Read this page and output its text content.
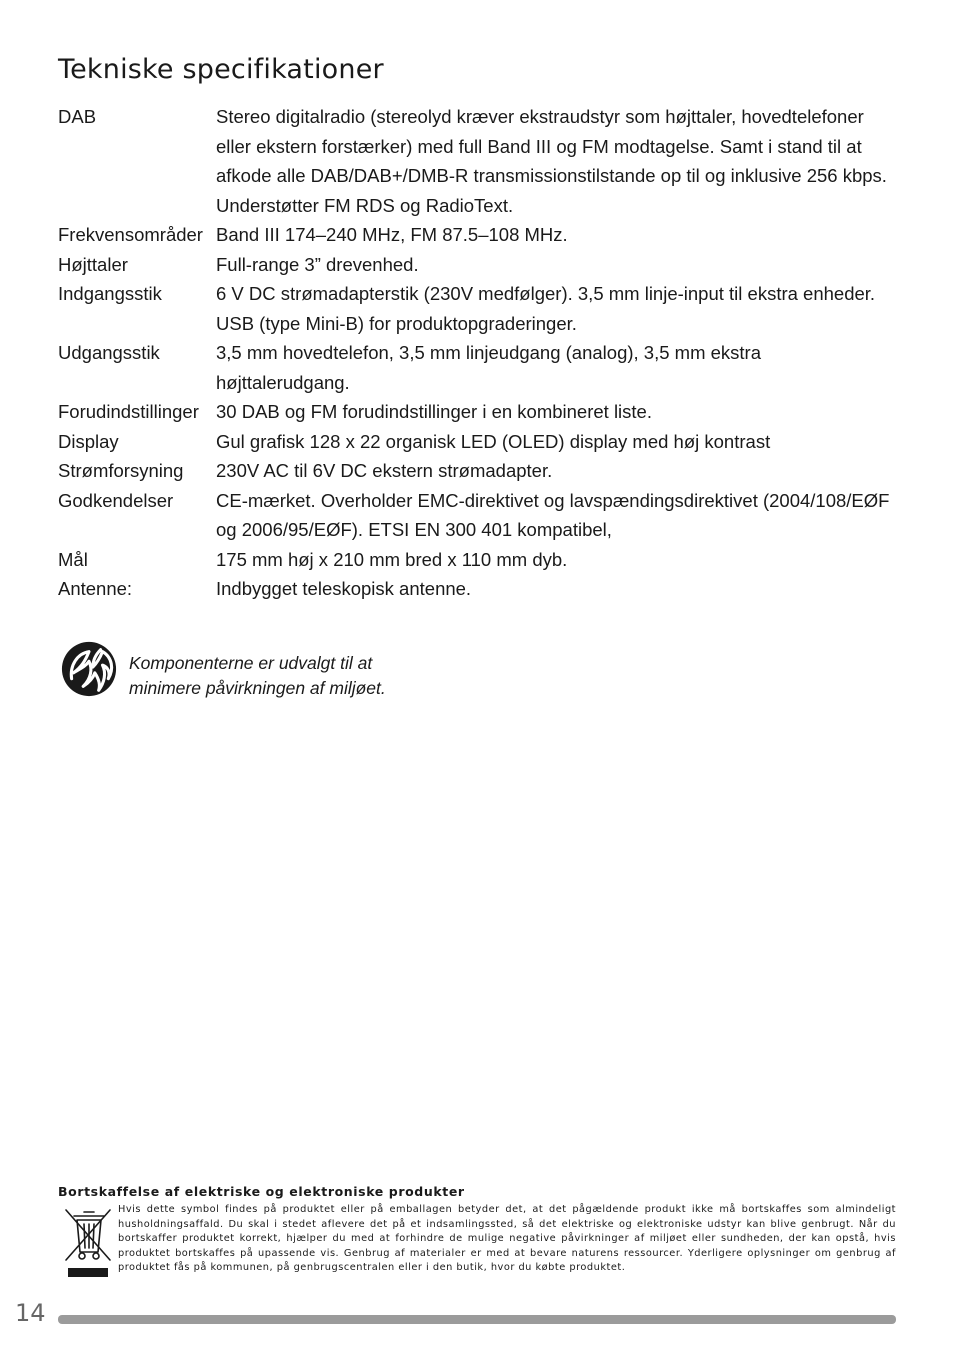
Tekniske specifikationer
DAB	Stereo digitalradio (stereolyd kræver ekstraudstyr som højttaler, hovedtelefoner eller ekstern forstærker) med full Band III og FM modtagelse. Samt i stand til at afkode alle DAB/DAB+/DMB-R transmissionstilstande op til og inklusive 256 kbps. Understøtter FM RDS og RadioText.
Frekvensområder	Band III 174–240 MHz, FM 87.5–108 MHz.
Højttaler	Full-range 3” drevenhed.
Indgangsstik	6 V DC strømadapterstik (230V medfølger). 3,5 mm linje-input til ekstra enheder. USB (type Mini-B) for produktopgraderinger.
Udgangsstik	3,5 mm hovedtelefon, 3,5 mm linjeudgang (analog), 3,5 mm ekstra højttalerudgang.
Forudindstillinger	30 DAB og FM forudindstillinger i en kombineret liste.
Display	Gul grafisk 128 x 22 organisk LED (OLED) display med høj kontrast
Strømforsyning	230V AC til 6V DC ekstern strømadapter.
Godkendelser	CE-mærket. Overholder EMC-direktivet og lavspændingsdirektivet (2004/108/EØF og 2006/95/EØF). ETSI EN 300 401 kompatibel,
Mål	175 mm høj x 210 mm bred x 110 mm dyb.
Antenne:	Indbygget teleskopisk antenne.
Komponenterne er udvalgt til at
minimere påvirkningen af miljøet.
Bortskaffelse af elektriske og elektroniske produkter
Hvis dette symbol findes på produktet eller på emballagen betyder det, at det pågældende produkt ikke må bortskaffes som almindeligt husholdningsaffald. Du skal i stedet aflevere det på et indsamlingssted, så det elektriske og elektroniske udstyr kan blive genbrugt. Når du bortskaffer produktet korrekt, hjælper du med at forhindre de mulige negative påvirkninger af miljøet eller sundheden, der kan opstå, hvis produktet bortskaffes på upassende vis. Genbrug af materialer er med at bevare naturens ressourcer. Yderligere oplysninger om genbrug af produktet fås på kommunen, på genbrugscentralen eller i den butik, hvor du købte produktet.
14
